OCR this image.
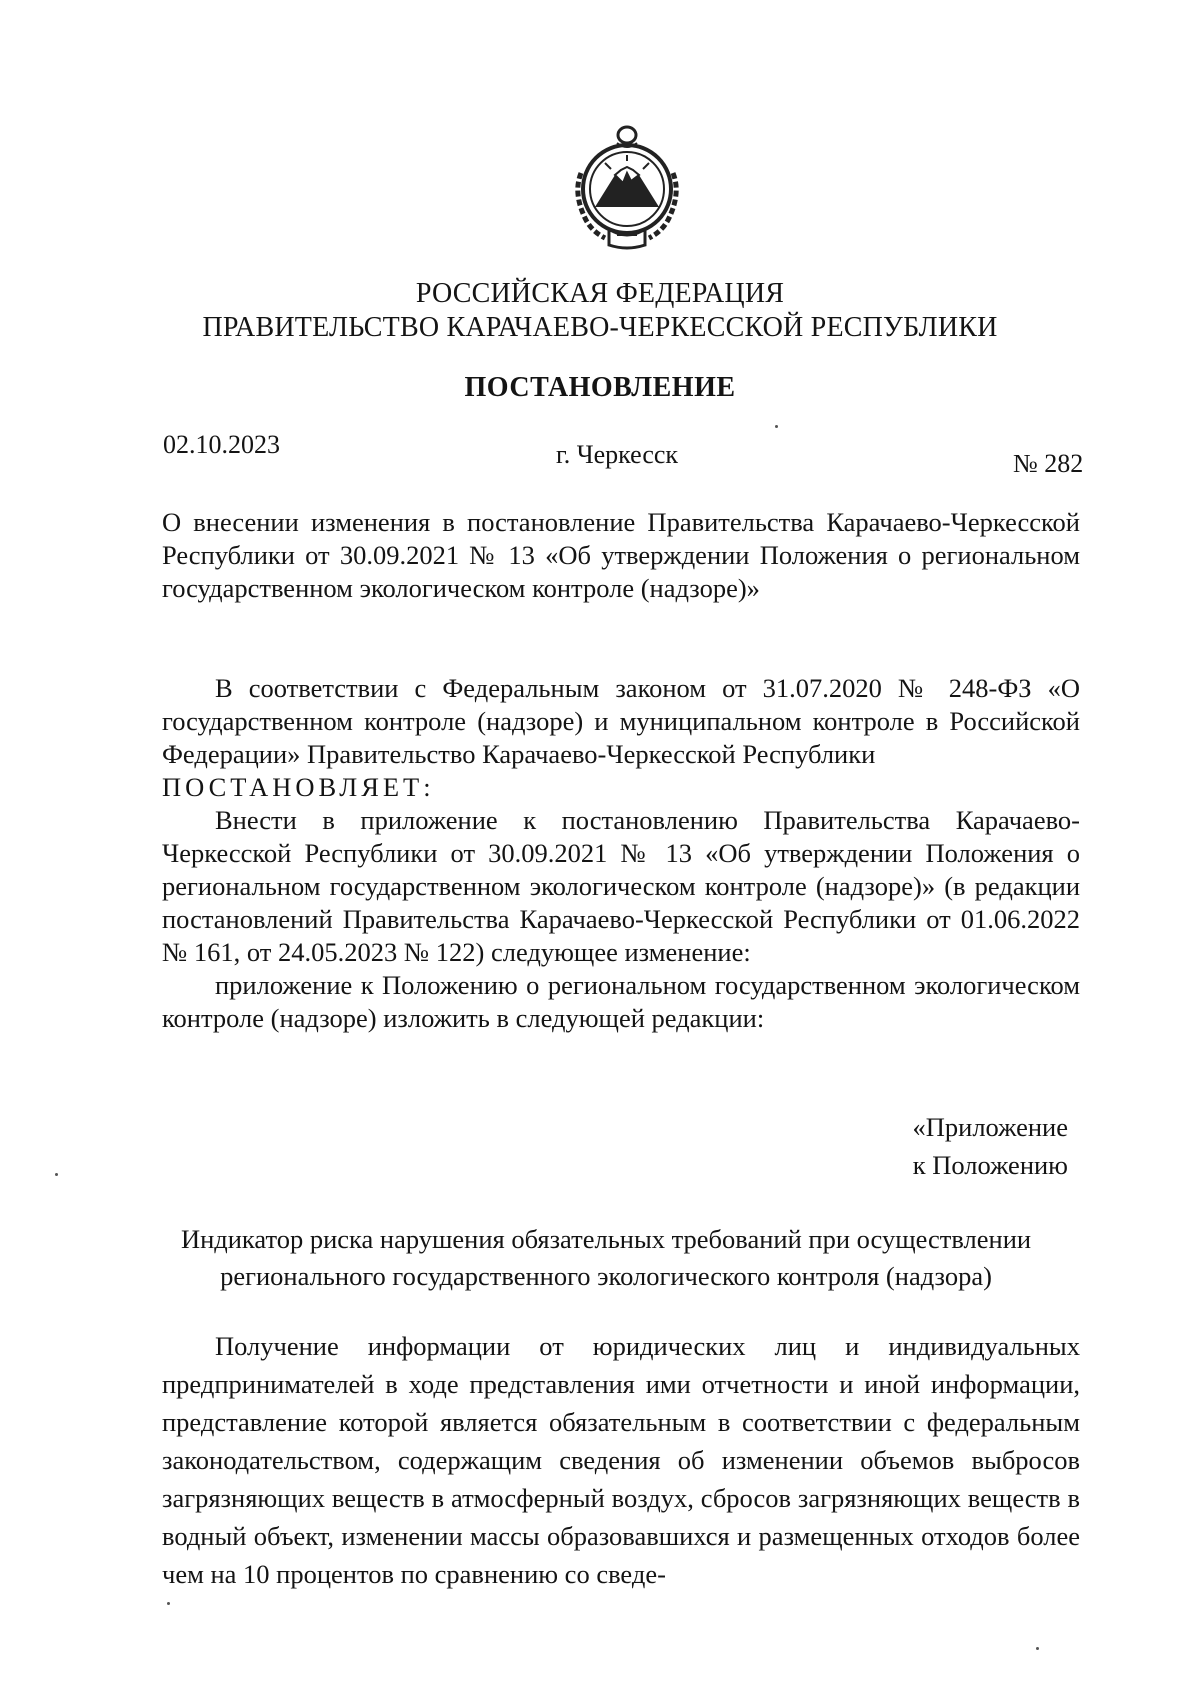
РОССИЙСКАЯ ФЕДЕРАЦИЯ
ПРАВИТЕЛЬСТВО КАРАЧАЕВО-ЧЕРКЕССКОЙ РЕСПУБЛИКИ
ПОСТАНОВЛЕНИЕ
02.10.2023	г. Черкесск	№ 282
О внесении изменения в постановление Правительства Карачаево-Черкесской Республики от 30.09.2021 № 13 «Об утверждении Положения о региональном государственном экологическом контроле (надзоре)»

В соответствии с Федеральным законом от 31.07.2020 № 248-ФЗ «О государственном контроле (надзоре) и муниципальном контроле в Российской Федерации» Правительство Карачаево-Черкесской Республики

ПОСТАНОВЛЯЕТ:

Внести в приложение к постановлению Правительства Карачаево-Черкесской Республики от 30.09.2021 № 13 «Об утверждении Положения о региональном государственном экологическом контроле (надзоре)» (в редакции постановлений Правительства Карачаево-Черкесской Республики от 01.06.2022 № 161, от 24.05.2023 № 122) следующее изменение:

приложение к Положению о региональном государственном экологическом контроле (надзоре) изложить в следующей редакции:

«Приложение
к Положению
Индикатор риска нарушения обязательных требований при осуществлении
регионального государственного экологического контроля (надзора)

Получение информации от юридических лиц и индивидуальных предпринимателей в ходе представления ими отчетности и иной информации, представление которой является обязательным в соответствии с федеральным законодательством, содержащим сведения об изменении объемов выбросов загрязняющих веществ в атмосферный воздух, сбросов загрязняющих веществ в водный объект, изменении массы образовавшихся и размещенных отходов более чем на 10 процентов по сравнению со сведе-
